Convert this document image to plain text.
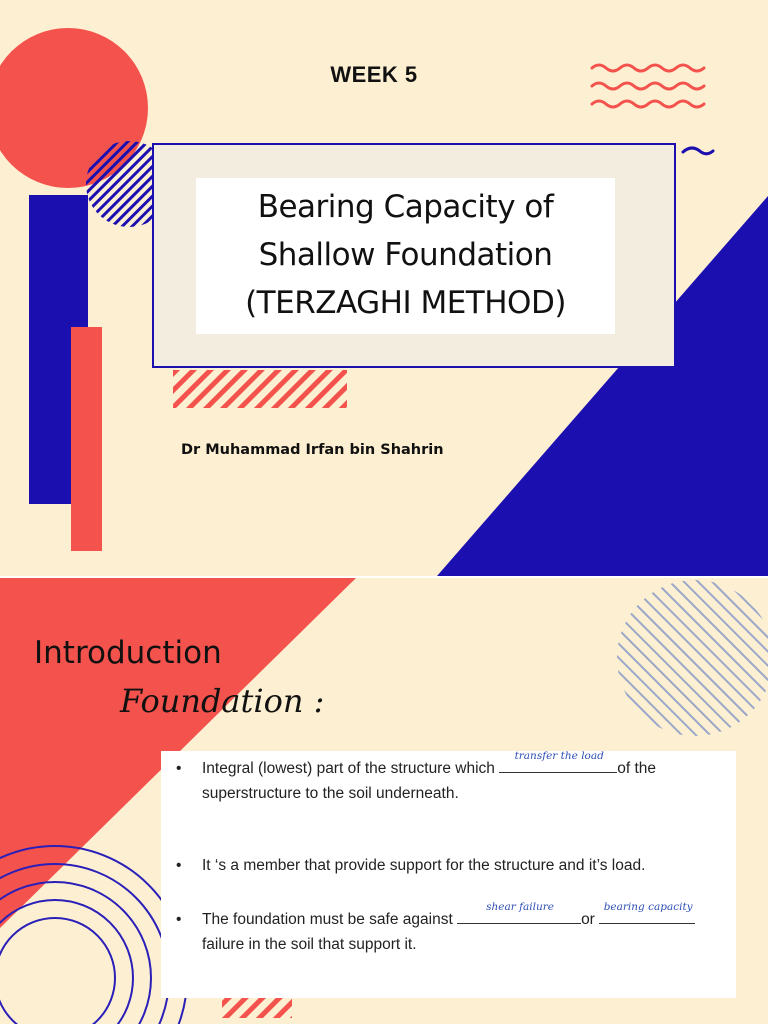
WEEK 5
Bearing Capacity of
Shallow Foundation
(TERZAGHI METHOD)
Dr Muhammad Irfan bin Shahrin
Introduction
Foundation :
• Integral (lowest) part of the structure which
transfer the load
of the
superstructure to the soil underneath.
• It ‘s a member that provide support for the structure and it’s load.
• The foundation must be safe against
shear failure
or
bearing capacity

failure in the soil that support it.
